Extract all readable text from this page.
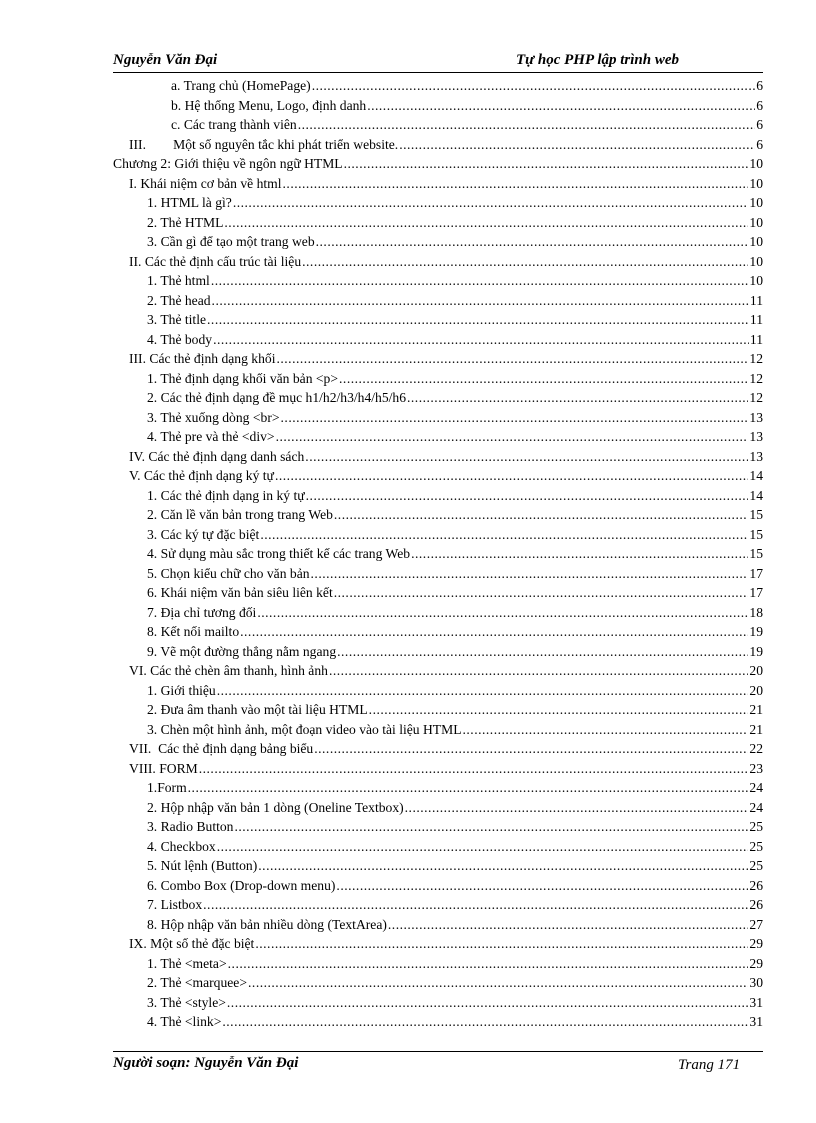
Nguyễn Văn Đại	Tự học PHP lập trình web
a. Trang chủ (HomePage) .....	6
b. Hệ thống Menu, Logo, định danh .....	6
c. Các trang thành viên .....	6
III.        Một số nguyên tắc khi phát triển website. .....	6
Chương 2: Giới thiệu về ngôn ngữ HTML .....	10
I. Khái niệm cơ bản về html .....	10
1. HTML là gì? .....	10
2. Thẻ HTML .....	10
3. Cần gì để tạo một trang web .....	10
II. Các thẻ định cấu trúc tài liệu .....	10
1. Thẻ html .....	10
2. Thẻ head .....	11
3. Thẻ title .....	11
4. Thẻ body .....	11
III. Các thẻ định dạng khối .....	12
1. Thẻ định dạng khối văn bản <p> .....	12
2. Các thẻ định dạng đề mục h1/h2/h3/h4/h5/h6 .....	12
3. Thẻ xuống dòng <br> .....	13
4. Thẻ pre và thẻ <div> .....	13
IV. Các thẻ định dạng danh sách .....	13
V. Các thẻ định dạng ký tự .....	14
1. Các thẻ định dạng in ký tự .....	14
2. Căn lề văn bản trong trang Web .....	15
3. Các ký tự đặc biệt .....	15
4. Sử dụng màu sắc trong thiết kế các trang Web .....	15
5. Chọn kiểu chữ cho văn bản .....	17
6. Khái niệm văn bản siêu liên kết .....	17
7. Địa chỉ tương đối .....	18
8. Kết nối mailto .....	19
9. Vẽ một đường thẳng nằm ngang .....	19
VI. Các thẻ chèn âm thanh, hình ảnh .....	20
1. Giới thiệu .....	20
2. Đưa âm thanh vào một tài liệu HTML .....	21
3. Chèn một hình ảnh, một đoạn video vào tài liệu HTML .....	21
VII.  Các thẻ định dạng bảng biểu .....	22
VIII. FORM .....	23
1.Form .....	24
2. Hộp nhập văn bản 1 dòng (Oneline Textbox) .....	24
3. Radio Button .....	25
4. Checkbox .....	25
5. Nút lệnh (Button) .....	25
6. Combo Box (Drop-down menu) .....	26
7. Listbox .....	26
8. Hộp nhập văn bản nhiều dòng (TextArea) .....	27
IX. Một số thẻ đặc biệt .....	29
1. Thẻ <meta> .....	29
2. Thẻ <marquee> .....	30
3. Thẻ <style> .....	31
4. Thẻ <link> .....	31
Người soạn: Nguyễn Văn Đại	Trang 171
